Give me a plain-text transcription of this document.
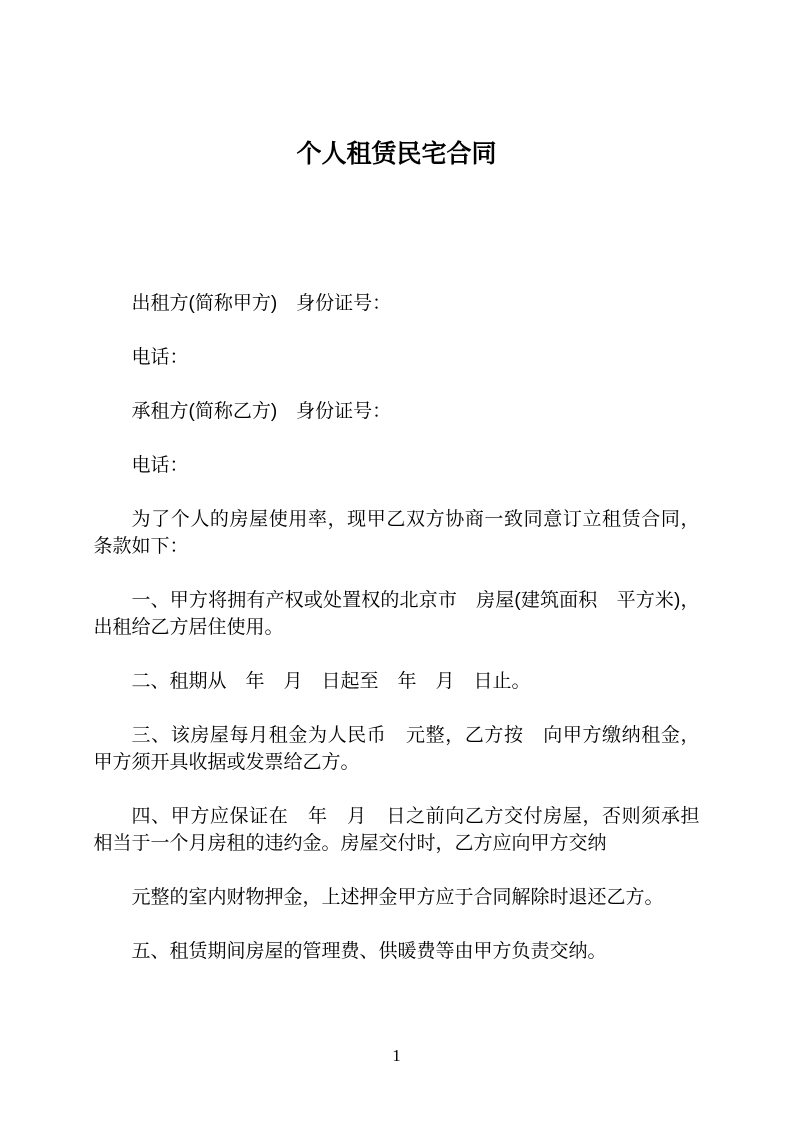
个人租赁民宅合同

出租方(简称甲方)　身份证号：

电话：

承租方(简称乙方)　身份证号：

电话：

为了个人的房屋使用率，现甲乙双方协商一致同意订立租赁合同，条款如下：

一、甲方将拥有产权或处置权的北京市　房屋(建筑面积　平方米)，出租给乙方居住使用。

二、租期从　年　月　日起至　年　月　日止。

三、该房屋每月租金为人民币　元整，乙方按　向甲方缴纳租金，甲方须开具收据或发票给乙方。

四、甲方应保证在　年　月　日之前向乙方交付房屋，否则须承担相当于一个月房租的违约金。房屋交付时，乙方应向甲方交纳

元整的室内财物押金，上述押金甲方应于合同解除时退还乙方。

五、租赁期间房屋的管理费、供暖费等由甲方负责交纳。

1
